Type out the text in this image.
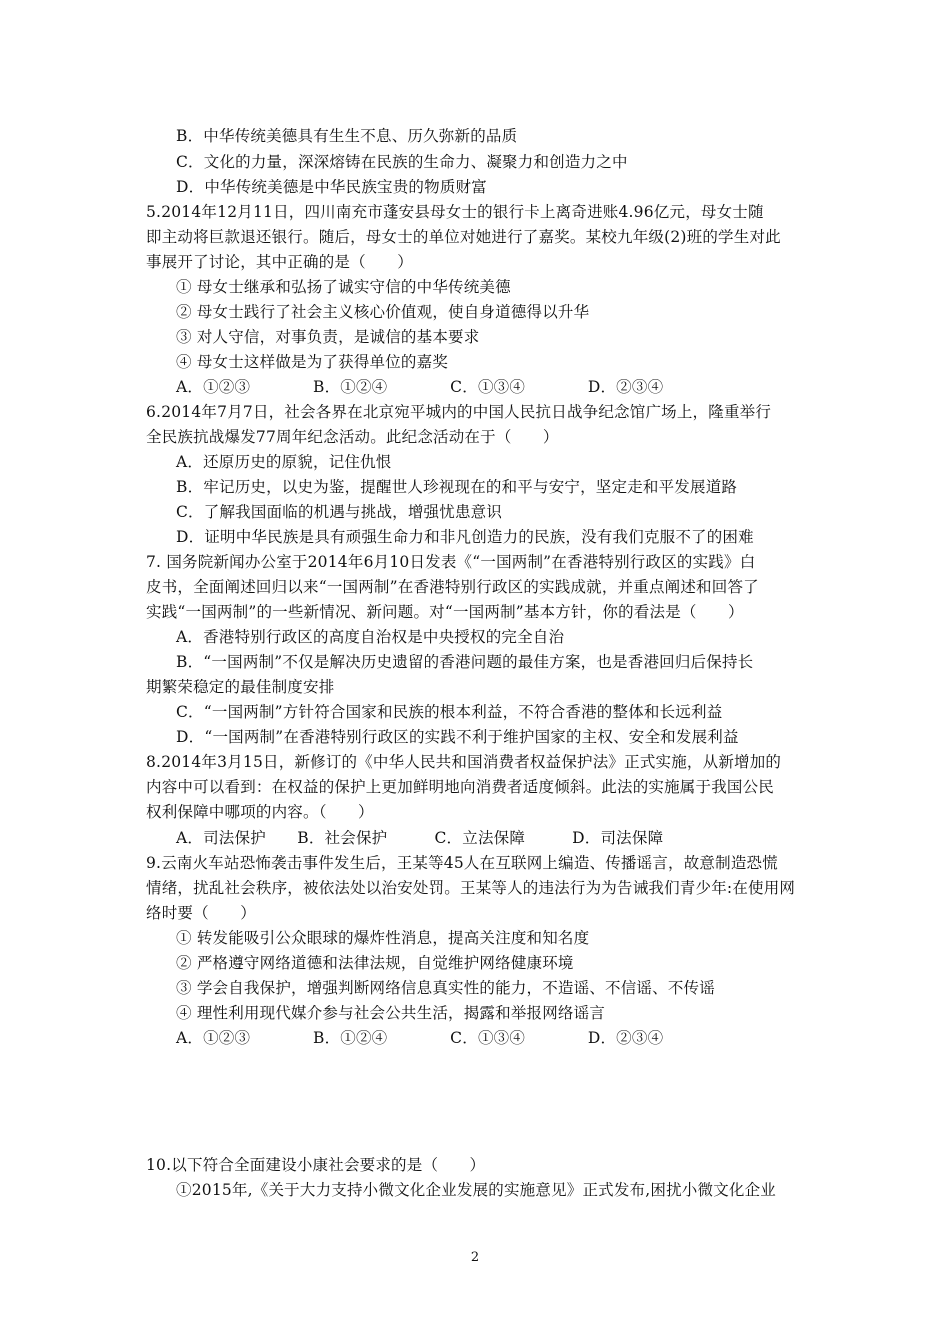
B．中华传统美德具有生生不息、历久弥新的品质
C．文化的力量，深深熔铸在民族的生命力、凝聚力和创造力之中
D．中华传统美德是中华民族宝贵的物质财富
5.2014年12月11日，四川南充市蓬安县母女士的银行卡上离奇进账4.96亿元，母女士随
即主动将巨款退还银行。随后，母女士的单位对她进行了嘉奖。某校九年级(2)班的学生对此
事展开了讨论，其中正确的是（　　）
① 母女士继承和弘扬了诚实守信的中华传统美德
② 母女士践行了社会主义核心价值观，使自身道德得以升华
③ 对人守信，对事负责，是诚信的基本要求
④ 母女士这样做是为了获得单位的嘉奖
A．①②③　　　　B．①②④　　　　C．①③④　　　　D．②③④
6.2014年7月7日，社会各界在北京宛平城内的中国人民抗日战争纪念馆广场上，隆重举行
全民族抗战爆发77周年纪念活动。此纪念活动在于（　　）
A．还原历史的原貌，记住仇恨
B．牢记历史，以史为鉴，提醒世人珍视现在的和平与安宁，坚定走和平发展道路
C．了解我国面临的机遇与挑战，增强忧患意识
D．证明中华民族是具有顽强生命力和非凡创造力的民族，没有我们克服不了的困难
7. 国务院新闻办公室于2014年6月10日发表《“一国两制”在香港特别行政区的实践》白
皮书，全面阐述回归以来“一国两制”在香港特别行政区的实践成就，并重点阐述和回答了
实践“一国两制”的一些新情况、新问题。对“一国两制”基本方针，你的看法是（　　）
A．香港特别行政区的高度自治权是中央授权的完全自治
B．“一国两制”不仅是解决历史遗留的香港问题的最佳方案，也是香港回归后保持长
期繁荣稳定的最佳制度安排
C．“一国两制”方针符合国家和民族的根本利益，不符合香港的整体和长远利益
D．“一国两制”在香港特别行政区的实践不利于维护国家的主权、安全和发展利益
8.2014年3月15日，新修订的《中华人民共和国消费者权益保护法》正式实施，从新增加的
内容中可以看到：在权益的保护上更加鲜明地向消费者适度倾斜。此法的实施属于我国公民
权利保障中哪项的内容。（　　）
A．司法保护　　B．社会保护　　　C．立法保障　　　D．司法保障
9.云南火车站恐怖袭击事件发生后，王某等45人在互联网上编造、传播谣言，故意制造恐慌
情绪，扰乱社会秩序，被依法处以治安处罚。王某等人的违法行为为告诫我们青少年:在使用网
络时要（　　）
① 转发能吸引公众眼球的爆炸性消息，提高关注度和知名度
② 严格遵守网络道德和法律法规，自觉维护网络健康环境
③ 学会自我保护，增强判断网络信息真实性的能力，不造谣、不信谣、不传谣
④ 理性利用现代媒介参与社会公共生活，揭露和举报网络谣言
A．①②③　　　　B．①②④　　　　C．①③④　　　　D．②③④
10.以下符合全面建设小康社会要求的是（　　）
①2015年,《关于大力支持小微文化企业发展的实施意见》正式发布,困扰小微文化企业
2
